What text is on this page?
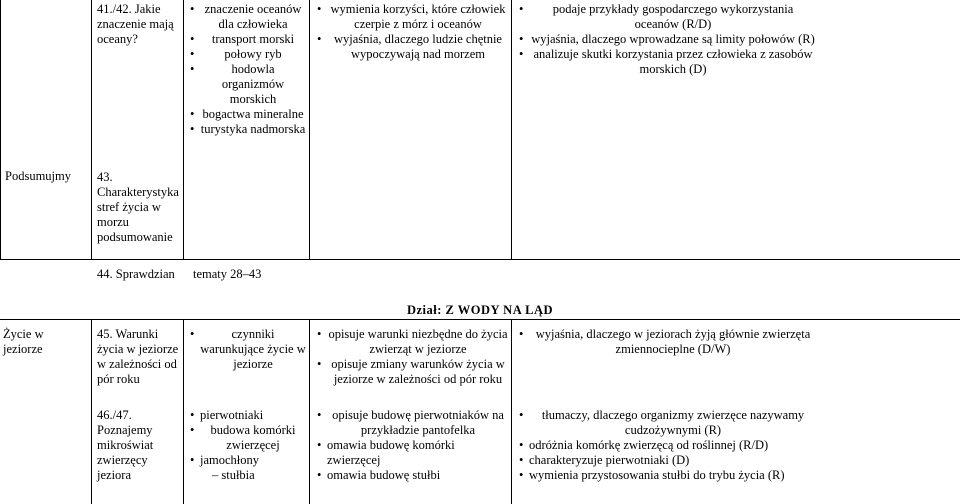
Podsumujmy
41./42. Jakie znaczenie mają oceany?
43. Charakterystyka stref życia w morzu podsumowanie
• znaczenie oceanów dla człowieka
• transport morski
• połowy ryb
• hodowla organizmów morskich
• bogactwa mineralne
• turystyka nadmorska
• wymienia korzyści, które człowiek czerpie z mórz i oceanów
• wyjaśnia, dlaczego ludzie chętnie wypoczywają nad morzem
• podaje przykłady gospodarczego wykorzystania oceanów (R/D)
• wyjaśnia, dlaczego wprowadzane są limity połowów (R)
• analizuje skutki korzystania przez człowieka z zasobów morskich (D)
44. Sprawdzian	tematy 28–43
Dział: Z WODY NA LĄD
Życie w jeziorze
45. Warunki życia w jeziorze w zależności od pór roku
• czynniki warunkujące życie w jeziorze
• opisuje warunki niezbędne do życia zwierząt w jeziorze
• opisuje zmiany warunków życia w jeziorze w zależności od pór roku
• wyjaśnia, dlaczego w jeziorach żyją głównie zwierzęta zmiennocieplne (D/W)
46./47. Poznajemy mikroświat zwierzęcy jeziora
• pierwotniaki
• budowa komórki zwierzęcej
• jamochłony
– stułbia
• opisuje budowę pierwotniaków na przykładzie pantofelka
• omawia budowę komórki zwierzęcej
• omawia budowę stułbi
• tłumaczy, dlaczego organizmy zwierzęce nazywamy cudzożywnymi (R)
• odróżnia komórkę zwierzęcą od roślinnej (R/D)
• charakteryzuje pierwotniaki (D)
• wymienia przystosowania stułbi do trybu życia (R)
